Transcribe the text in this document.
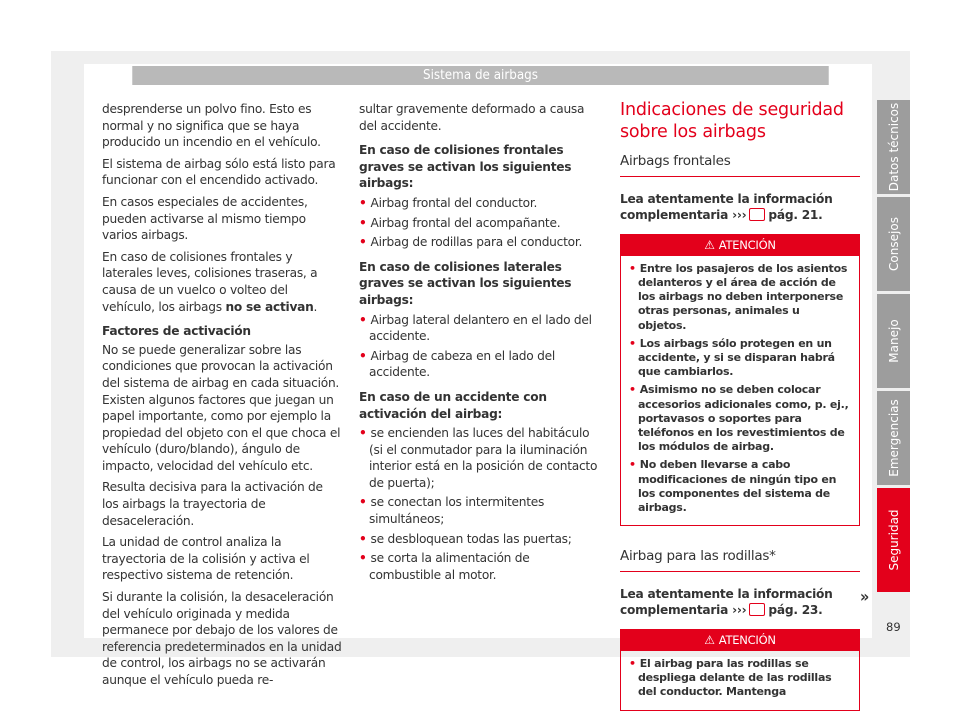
Sistema de airbags

desprenderse un polvo fino. Esto es normal y no significa que se haya producido un incendio en el vehículo.

El sistema de airbag sólo está listo para funcionar con el encendido activado.

En casos especiales de accidentes, pueden activarse al mismo tiempo varios airbags.

En caso de colisiones frontales y laterales leves, colisiones traseras, a causa de un vuelco o volteo del vehículo, los airbags no se activan.

Factores de activación

No se puede generalizar sobre las condiciones que provocan la activación del sistema de airbag en cada situación. Existen algunos factores que juegan un papel importante, como por ejemplo la propiedad del objeto con el que choca el vehículo (duro/blando), ángulo de impacto, velocidad del vehículo etc.

Resulta decisiva para la activación de los airbags la trayectoria de desaceleración.

La unidad de control analiza la trayectoria de la colisión y activa el respectivo sistema de retención.

Si durante la colisión, la desaceleración del vehículo originada y medida permanece por debajo de los valores de referencia predeterminados en la unidad de control, los airbags no se activarán aunque el vehículo pueda re-

sultar gravemente deformado a causa del accidente.

En caso de colisiones frontales graves se activan los siguientes airbags:

• Airbag frontal del conductor.

• Airbag frontal del acompañante.

• Airbag de rodillas para el conductor.

En caso de colisiones laterales graves se activan los siguientes airbags:

• Airbag lateral delantero en el lado del accidente.

• Airbag de cabeza en el lado del accidente.

En caso de un accidente con activación del airbag:

• se encienden las luces del habitáculo (si el conmutador para la iluminación interior está en la posición de contacto de puerta);

• se conectan los intermitentes simultáneos;

• se desbloquean todas las puertas;

• se corta la alimentación de combustible al motor.

Indicaciones de seguridad sobre los airbags
Airbags frontales

Lea atentamente la información complementaria ››› pág. 21.

⚠ ATENCIÓN

• Entre los pasajeros de los asientos delanteros y el área de acción de los airbags no deben interponerse otras personas, animales u objetos.

• Los airbags sólo protegen en un accidente, y si se disparan habrá que cambiarlos.

• Asimismo no se deben colocar accesorios adicionales como, p. ej., portavasos o soportes para teléfonos en los revestimientos de los módulos de airbag.

• No deben llevarse a cabo modificaciones de ningún tipo en los componentes del sistema de airbags.

Airbag para las rodillas*

Lea atentamente la información complementaria ››› pág. 23.

⚠ ATENCIÓN

• El airbag para las rodillas se despliega delante de las rodillas del conductor. Mantenga

Datos técnicos
Consejos
Manejo
Emergencias
Seguridad
»
89
